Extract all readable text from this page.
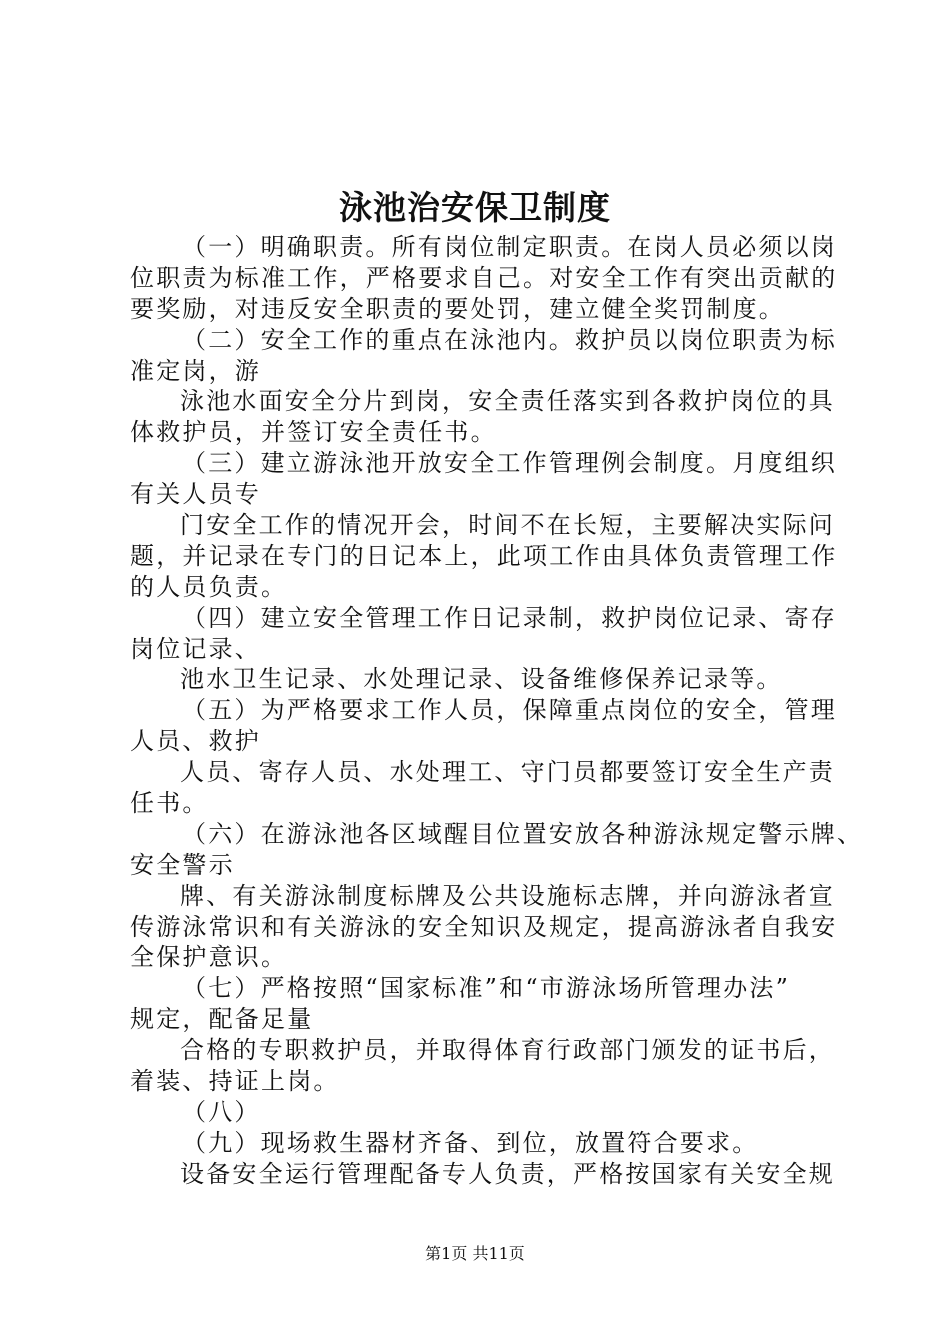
泳池治安保卫制度
（一）明确职责。所有岗位制定职责。在岗人员必须以岗
位职责为标准工作，严格要求自己。对安全工作有突出贡献的
要奖励，对违反安全职责的要处罚，建立健全奖罚制度。
（二）安全工作的重点在泳池内。救护员以岗位职责为标
准定岗，游
泳池水面安全分片到岗，安全责任落实到各救护岗位的具
体救护员，并签订安全责任书。
（三）建立游泳池开放安全工作管理例会制度。月度组织
有关人员专
门安全工作的情况开会，时间不在长短，主要解决实际问
题，并记录在专门的日记本上，此项工作由具体负责管理工作
的人员负责。
（四）建立安全管理工作日记录制，救护岗位记录、寄存
岗位记录、
池水卫生记录、水处理记录、设备维修保养记录等。
（五）为严格要求工作人员，保障重点岗位的安全，管理
人员、救护
人员、寄存人员、水处理工、守门员都要签订安全生产责
任书。
（六）在游泳池各区域醒目位置安放各种游泳规定警示牌、
安全警示
牌、有关游泳制度标牌及公共设施标志牌，并向游泳者宣
传游泳常识和有关游泳的安全知识及规定，提高游泳者自我安
全保护意识。
（七）严格按照“国家标准”和“市游泳场所管理办法”
规定，配备足量
合格的专职救护员，并取得体育行政部门颁发的证书后，
着装、持证上岗。
（八）
（九）现场救生器材齐备、到位，放置符合要求。
设备安全运行管理配备专人负责，严格按国家有关安全规
第1页 共11页
